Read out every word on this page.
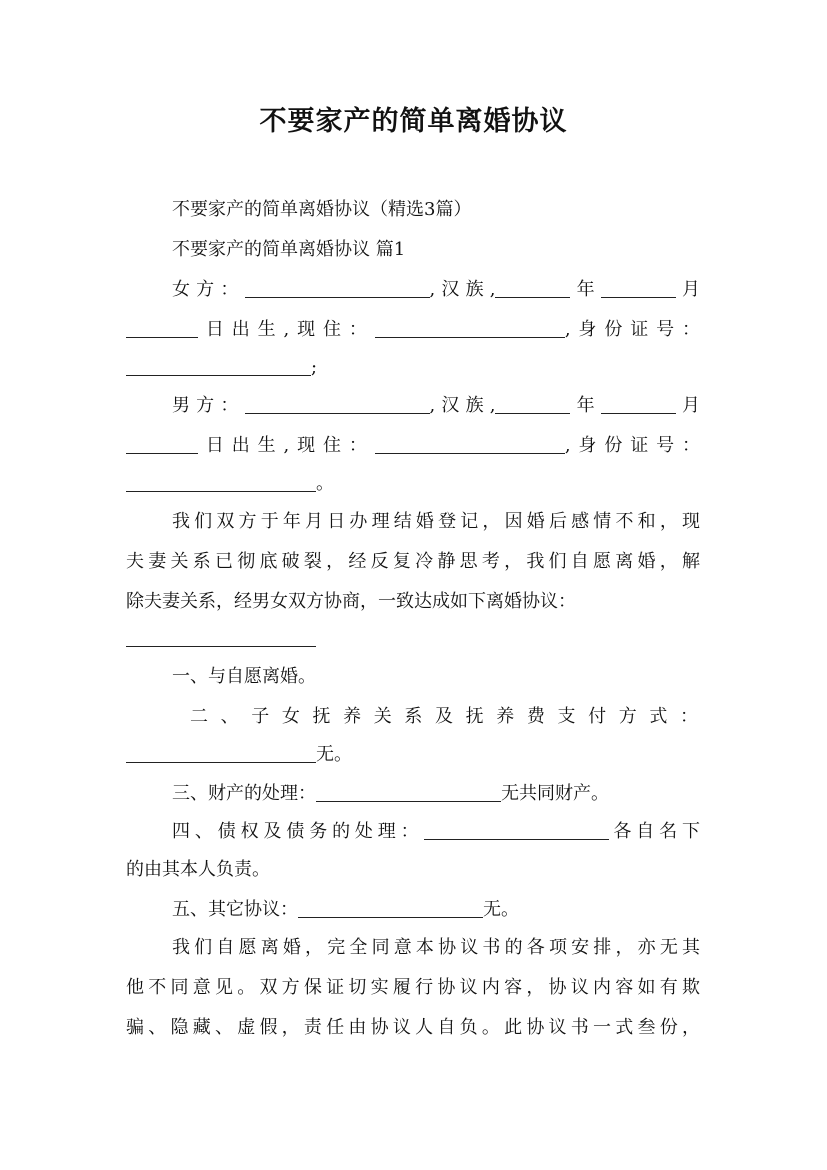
不要家产的简单离婚协议
不要家产的简单离婚协议（精选3篇）
不要家产的简单离婚协议 篇1
女方：	,汉族,	年	月
日出生,现住：	,身份证号：
;
男方：	,汉族,	年	月
日出生,现住：	,身份证号：
。
我们双方于年月日办理结婚登记，因婚后感情不和，现
夫妻关系已彻底破裂，经反复冷静思考，我们自愿离婚，解
除夫妻关系，经男女双方协商，一致达成如下离婚协议：
一、与自愿离婚。
二、子女抚养关系及抚养费支付方式：
无。
三、财产的处理：	无共同财产。
四、债权及债务的处理：	各自名下
的由其本人负责。
五、其它协议：	无。
我们自愿离婚，完全同意本协议书的各项安排，亦无其
他不同意见。双方保证切实履行协议内容，协议内容如有欺
骗、隐藏、虚假，责任由协议人自负。此协议书一式叁份，
